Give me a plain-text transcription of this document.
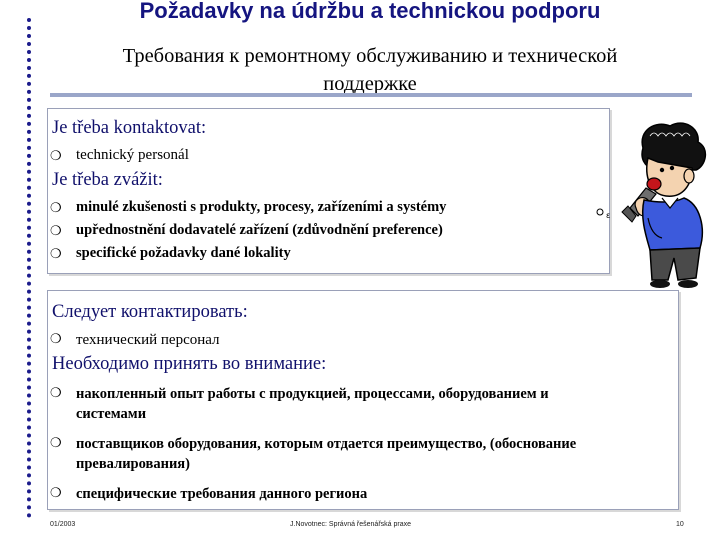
Požadavky na údržbu a technickou podporu
Требования к ремонтному обслуживанию и технической
поддержке
Je třeba kontaktovat:
❍ technický personál
Je třeba zvážit:
❍ minulé zkušenosti s produkty, procesy, zařízeními a systémy
❍ upřednostnění dodavatelé zařízení (zdůvodnění preference)
❍ specifické požadavky dané lokality
Следует контактировать:
❍ технический персонал
Необходимо принять во внимание:
❍ накопленный опыт работы с продукцией, процессами, оборудованием и системами
❍ поставщиков оборудования, которым отдается преимущество, (обоснование превалирования)
❍ специфические требования данного региона
ε
01/2003	J.Novotnec: Správná řešenářská praxe	10
